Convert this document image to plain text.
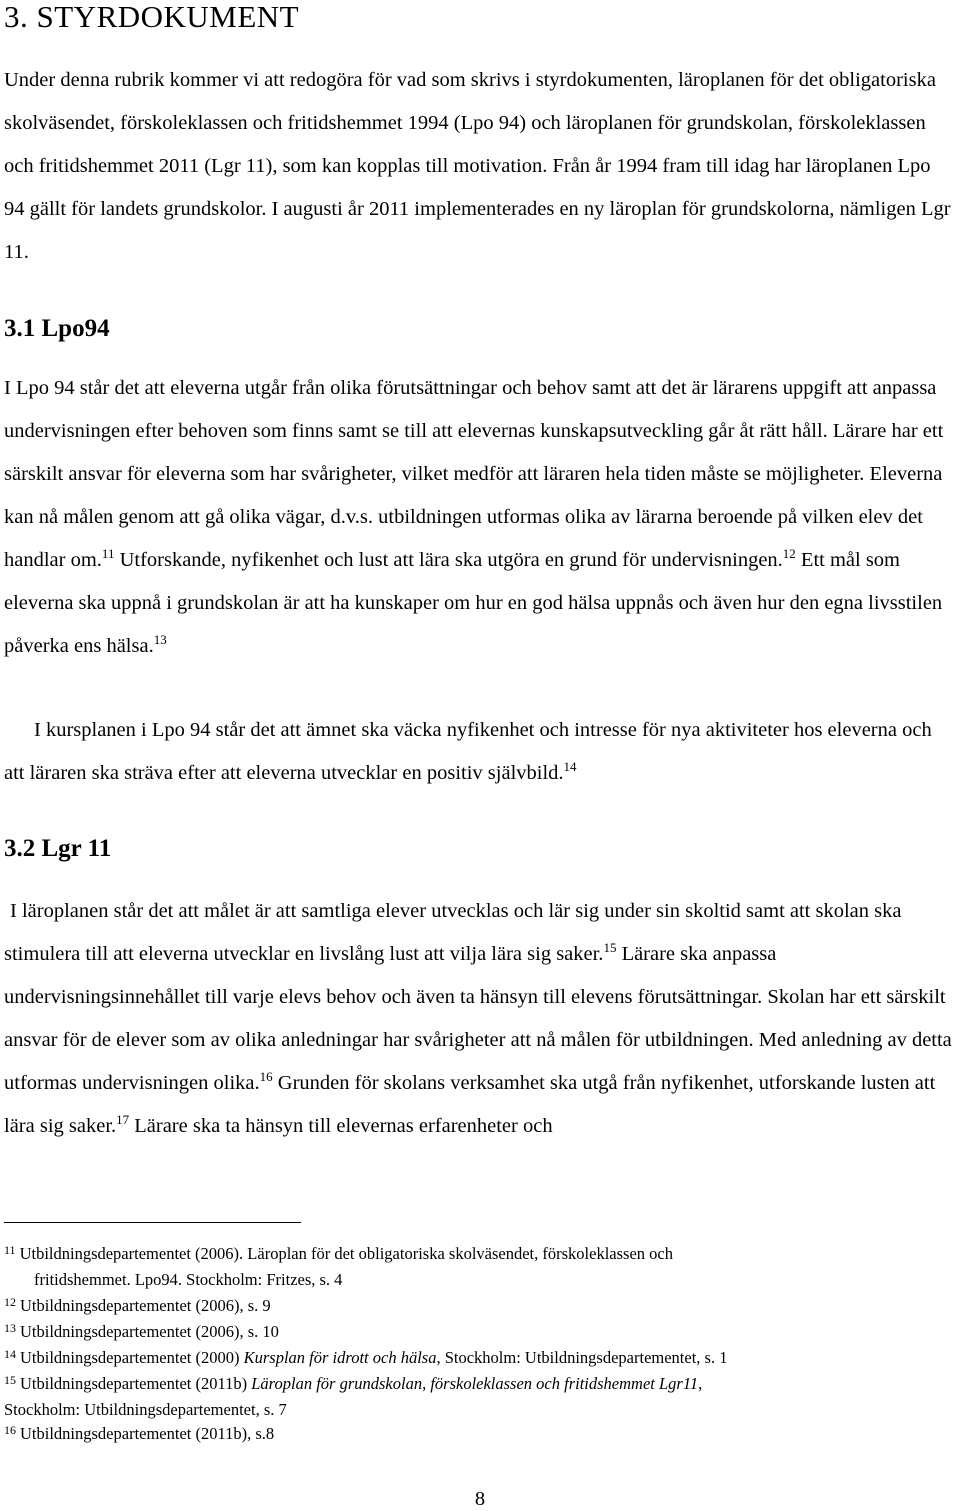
3. STYRDOKUMENT

Under denna rubrik kommer vi att redogöra för vad som skrivs i styrdokumenten, läroplanen för det obligatoriska skolväsendet, förskoleklassen och fritidshemmet 1994 (Lpo 94) och läroplanen för grundskolan, förskoleklassen och fritidshemmet 2011 (Lgr 11), som kan kopplas till motivation. Från år 1994 fram till idag har läroplanen Lpo 94 gällt för landets grundskolor. I augusti år 2011 implementerades en ny läroplan för grundskolorna, nämligen Lgr 11.

3.1 Lpo94

I Lpo 94 står det att eleverna utgår från olika förutsättningar och behov samt att det är lärarens uppgift att anpassa undervisningen efter behoven som finns samt se till att elevernas kunskapsutveckling går åt rätt håll. Lärare har ett särskilt ansvar för eleverna som har svårigheter, vilket medför att läraren hela tiden måste se möjligheter. Eleverna kan nå målen genom att gå olika vägar, d.v.s. utbildningen utformas olika av lärarna beroende på vilken elev det handlar om.$^{11}$ Utforskande, nyfikenhet och lust att lära ska utgöra en grund för undervisningen.$^{12}$ Ett mål som eleverna ska uppnå i grundskolan är att ha kunskaper om hur en god hälsa uppnås och även hur den egna livsstilen påverka ens hälsa.$^{13}$

I kursplanen i Lpo 94 står det att ämnet ska väcka nyfikenhet och intresse för nya aktiviteter hos eleverna och att läraren ska sträva efter att eleverna utvecklar en positiv självbild.$^{14}$

3.2 Lgr 11

I läroplanen står det att målet är att samtliga elever utvecklas och lär sig under sin skoltid samt att skolan ska stimulera till att eleverna utvecklar en livslång lust att vilja lära sig saker.$^{15}$ Lärare ska anpassa undervisningsinnehållet till varje elevs behov och även ta hänsyn till elevens förutsättningar. Skolan har ett särskilt ansvar för de elever som av olika anledningar har svårigheter att nå målen för utbildningen. Med anledning av detta utformas undervisningen olika.$^{16}$ Grunden för skolans verksamhet ska utgå från nyfikenhet, utforskande lusten att lära sig saker.$^{17}$ Lärare ska ta hänsyn till elevernas erfarenheter och

$^{11}$ Utbildningsdepartementet (2006). Läroplan för det obligatoriska skolväsendet, förskoleklassen och
fritidshemmet. Lpo94. Stockholm: Fritzes, s. 4
$^{12}$ Utbildningsdepartementet (2006), s. 9
$^{13}$ Utbildningsdepartementet (2006), s. 10
$^{14}$ Utbildningsdepartementet (2000) Kursplan för idrott och hälsa, Stockholm: Utbildningsdepartementet, s. 1
$^{15}$ Utbildningsdepartementet (2011b) Läroplan för grundskolan, förskoleklassen och fritidshemmet Lgr11,
Stockholm: Utbildningsdepartementet, s. 7
$^{16}$ Utbildningsdepartementet (2011b), s.8
8
